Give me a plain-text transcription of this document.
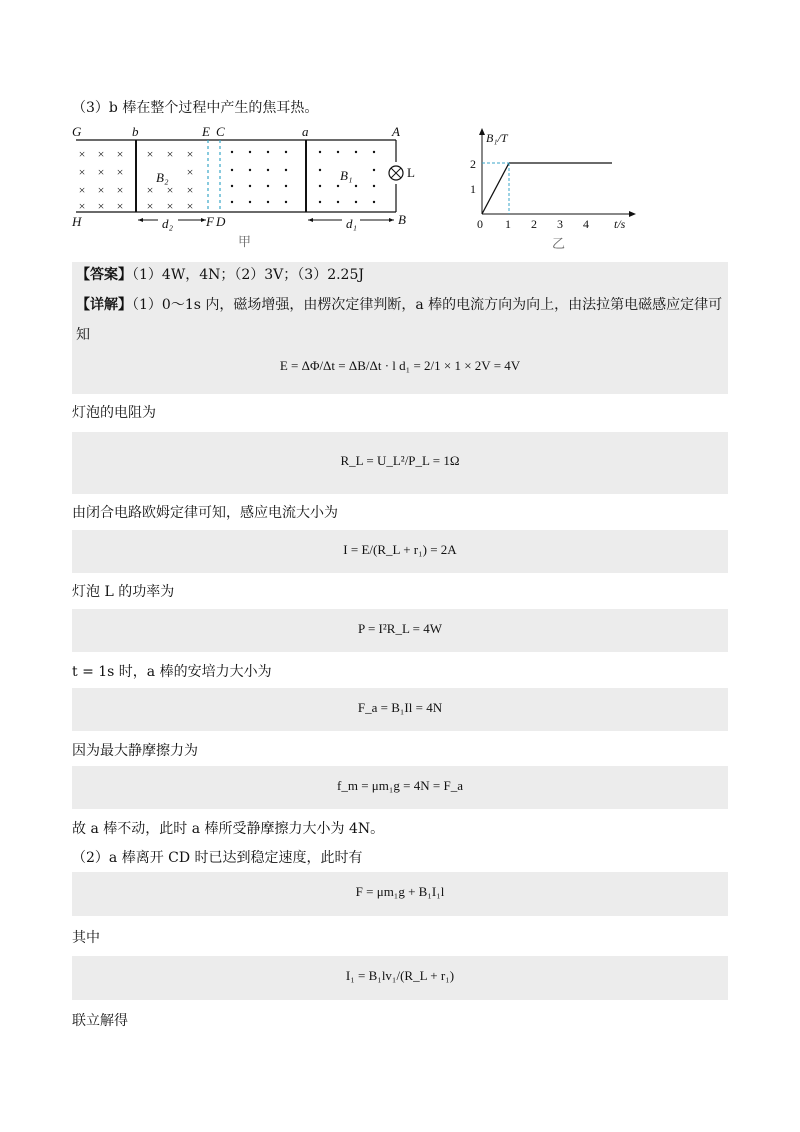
（3）b 棒在整个过程中产生的焦耳热。
× × ×
× × ×
× × ×
× × ×
× × ×
×
× × ×
× × ×
G	b	E C	a	A
H	B
F D
B₂	B₁
d₂	d₁
L
甲
B₁/T
1
2
0 1 2 3 4 t/s
乙
【答案】（1）4W，4N；（2）3V；（3）2.25J
【详解】（1）0～1s 内，磁场增强，由楞次定律判断，a 棒的电流方向为向上，由法拉第电磁感应定律可
知
E = ΔΦ/Δt = ΔB/Δt · l d₁ = 2/1 × 1 × 2V = 4V
灯泡的电阻为
R_L = U_L²/P_L = 1Ω
由闭合电路欧姆定律可知，感应电流大小为
I = E/(R_L + r₁) = 2A
灯泡 L 的功率为
P = I²R_L = 4W
t = 1s 时，a 棒的安培力大小为
F_a = B₁Il = 4N
因为最大静摩擦力为
f_m = μm₁g = 4N = F_a
故 a 棒不动，此时 a 棒所受静摩擦力大小为 4N。
（2）a 棒离开 CD 时已达到稳定速度，此时有
F = μm₁g + B₁I₁l
其中
I₁ = B₁lv₁/(R_L + r₁)
联立解得
